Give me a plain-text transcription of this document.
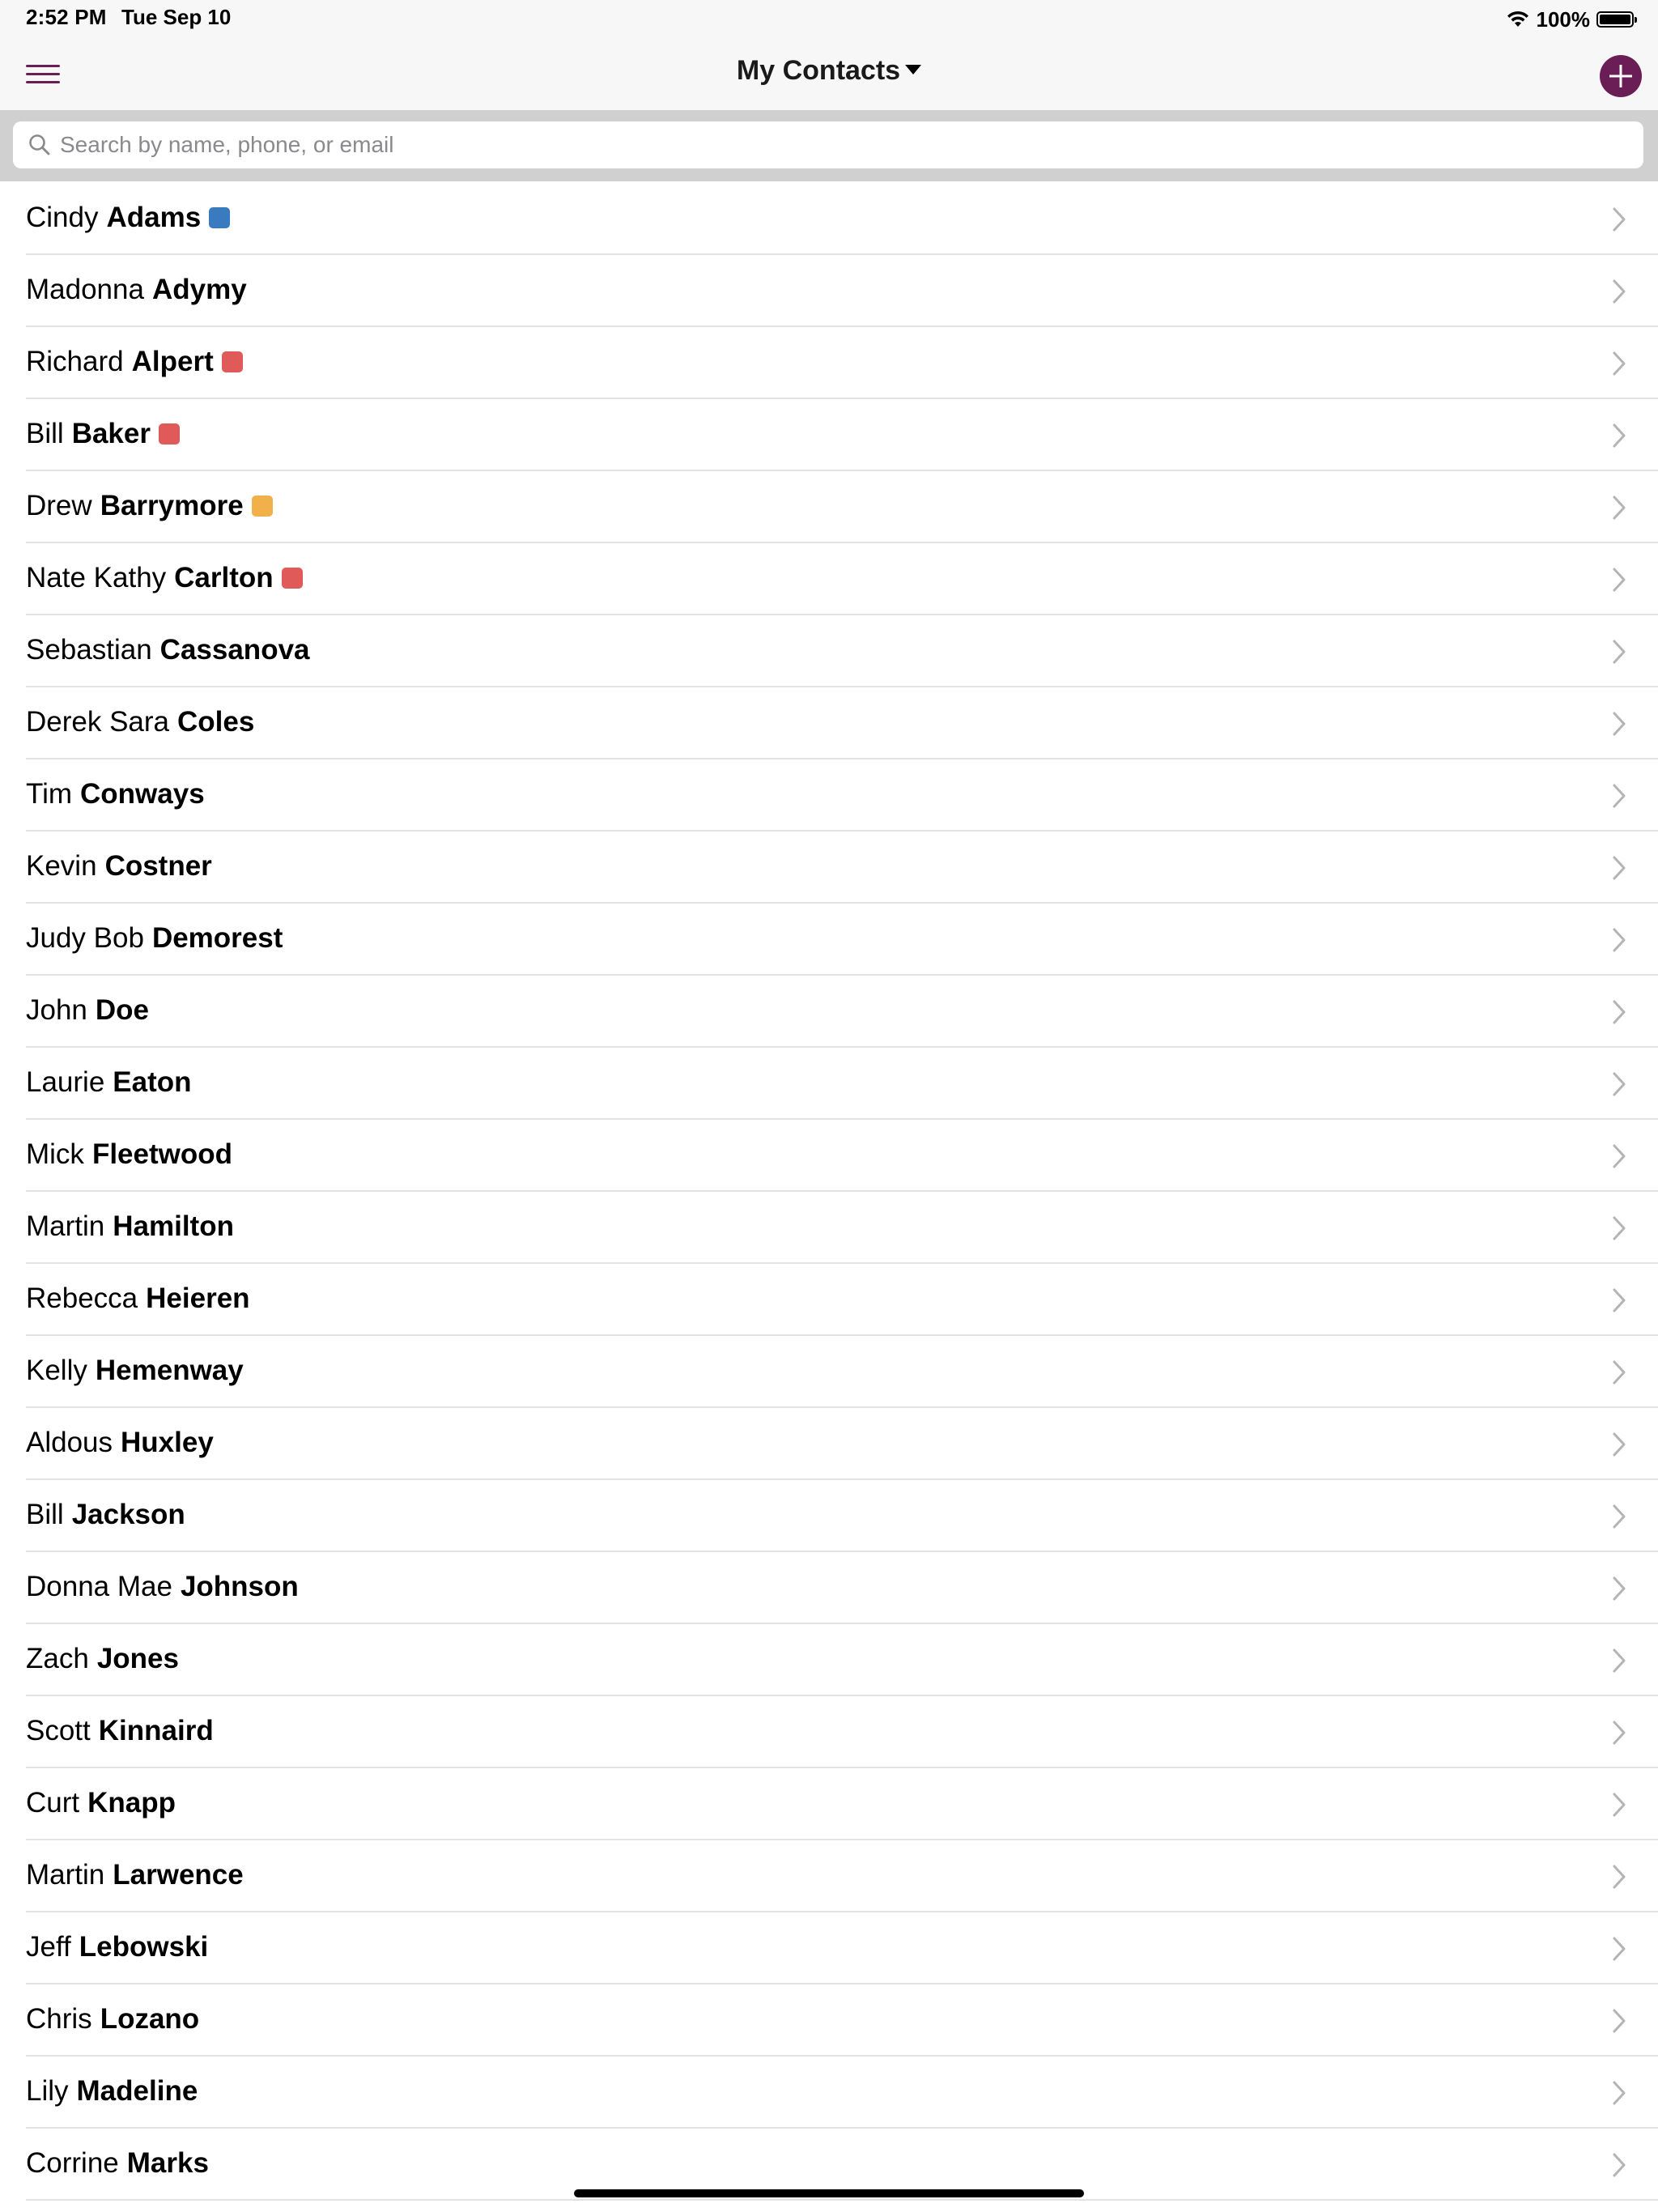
2:52 PM Tue Sep 10	100%
My Contacts
Search by name, phone, or email
Cindy Adams
Madonna Adymy
Richard Alpert
Bill Baker
Drew Barrymore
Nate Kathy Carlton
Sebastian Cassanova
Derek Sara Coles
Tim Conways
Kevin Costner
Judy Bob Demorest
John Doe
Laurie Eaton
Mick Fleetwood
Martin Hamilton
Rebecca Heieren
Kelly Hemenway
Aldous Huxley
Bill Jackson
Donna Mae Johnson
Zach Jones
Scott Kinnaird
Curt Knapp
Martin Larwence
Jeff Lebowski
Chris Lozano
Lily Madeline
Corrine Marks
